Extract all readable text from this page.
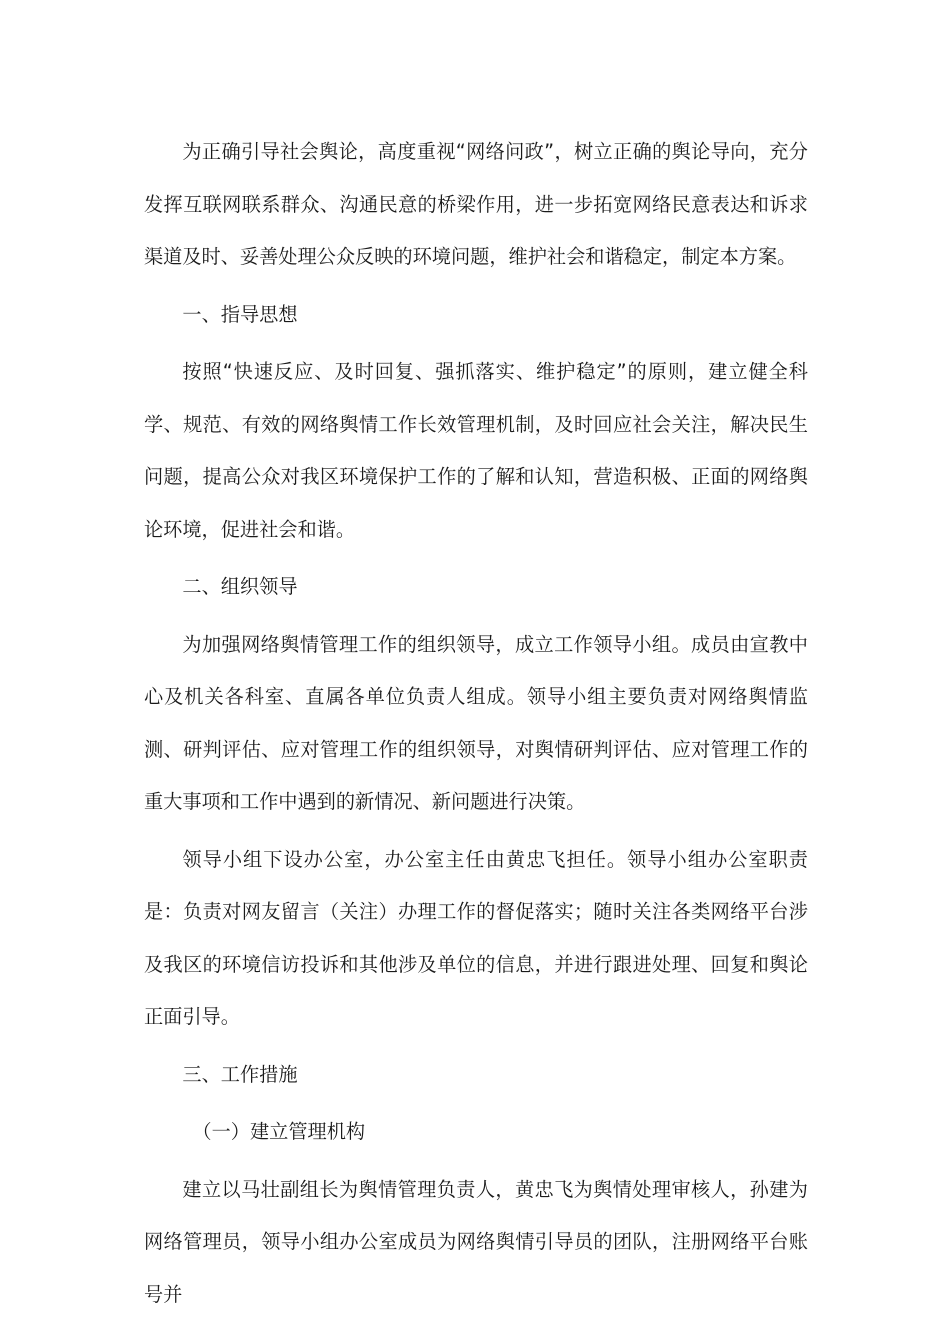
为正确引导社会舆论，高度重视“网络问政”，树立正确的舆论导向，充分发挥互联网联系群众、沟通民意的桥梁作用，进一步拓宽网络民意表达和诉求渠道及时、妥善处理公众反映的环境问题，维护社会和谐稳定，制定本方案。

一、指导思想

按照“快速反应、及时回复、强抓落实、维护稳定”的原则，建立健全科学、规范、有效的网络舆情工作长效管理机制，及时回应社会关注，解决民生问题，提高公众对我区环境保护工作的了解和认知，营造积极、正面的网络舆论环境，促进社会和谐。

二、组织领导

为加强网络舆情管理工作的组织领导，成立工作领导小组。成员由宣教中心及机关各科室、直属各单位负责人组成。领导小组主要负责对网络舆情监测、研判评估、应对管理工作的组织领导，对舆情研判评估、应对管理工作的重大事项和工作中遇到的新情况、新问题进行决策。

领导小组下设办公室，办公室主任由黄忠飞担任。领导小组办公室职责是：负责对网友留言（关注）办理工作的督促落实；随时关注各类网络平台涉及我区的环境信访投诉和其他涉及单位的信息，并进行跟进处理、回复和舆论正面引导。

三、工作措施

（一）建立管理机构

建立以马壮副组长为舆情管理负责人，黄忠飞为舆情处理审核人，孙建为网络管理员，领导小组办公室成员为网络舆情引导员的团队，注册网络平台账号并
